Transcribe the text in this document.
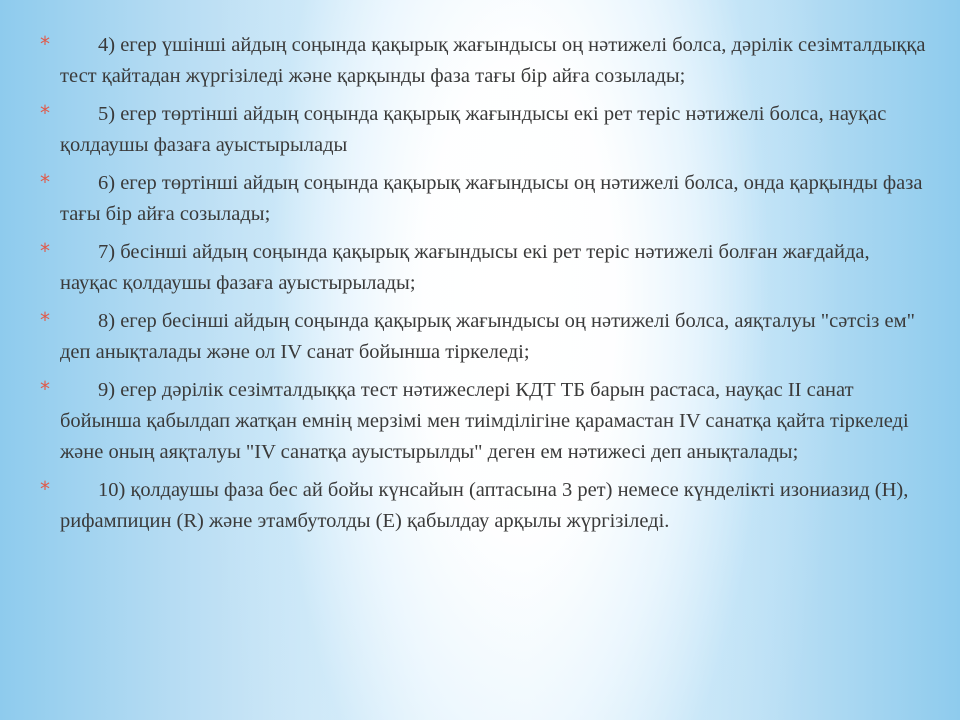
* 4) егер үшінші айдың соңында қақырық жағындысы оң нәтижелі болса, дәрілік сезімталдыққа тест қайтадан жүргізіледі және қарқынды фаза тағы бір айға созылады;
* 5) егер төртінші айдың соңында қақырық жағындысы екі рет теріс нәтижелі болса, науқас қолдаушы фазаға ауыстырылады
* 6) егер төртінші айдың соңында қақырық жағындысы оң нәтижелі болса, онда қарқынды фаза тағы бір айға созылады;
* 7) бесінші айдың соңында қақырық жағындысы екі рет теріс нәтижелі болған жағдайда, науқас қолдаушы фазаға ауыстырылады;
* 8) егер бесінші айдың соңында қақырық жағындысы оң нәтижелі болса, аяқталуы "сәтсіз ем" деп анықталады және ол IV санат бойынша тіркеледі;
* 9) егер дәрілік сезімталдыққа тест нәтижeслері КДТ ТБ барын растаса, науқас II санат бойынша қабылдап жатқан емнің мерзімі мен тиімділігіне қарамастан IV санатқа қайта тіркеледі және оның аяқталуы "IV санатқа ауыстырылды" деген ем нәтижесі деп анықталады;
* 10) қолдаушы фаза бес ай бойы күнсайын (аптасына 3 рет) немесе күнделікті изониазид (Н), рифампицин (R) және этамбутолды (Е) қабылдау арқылы жүргізіледі.
